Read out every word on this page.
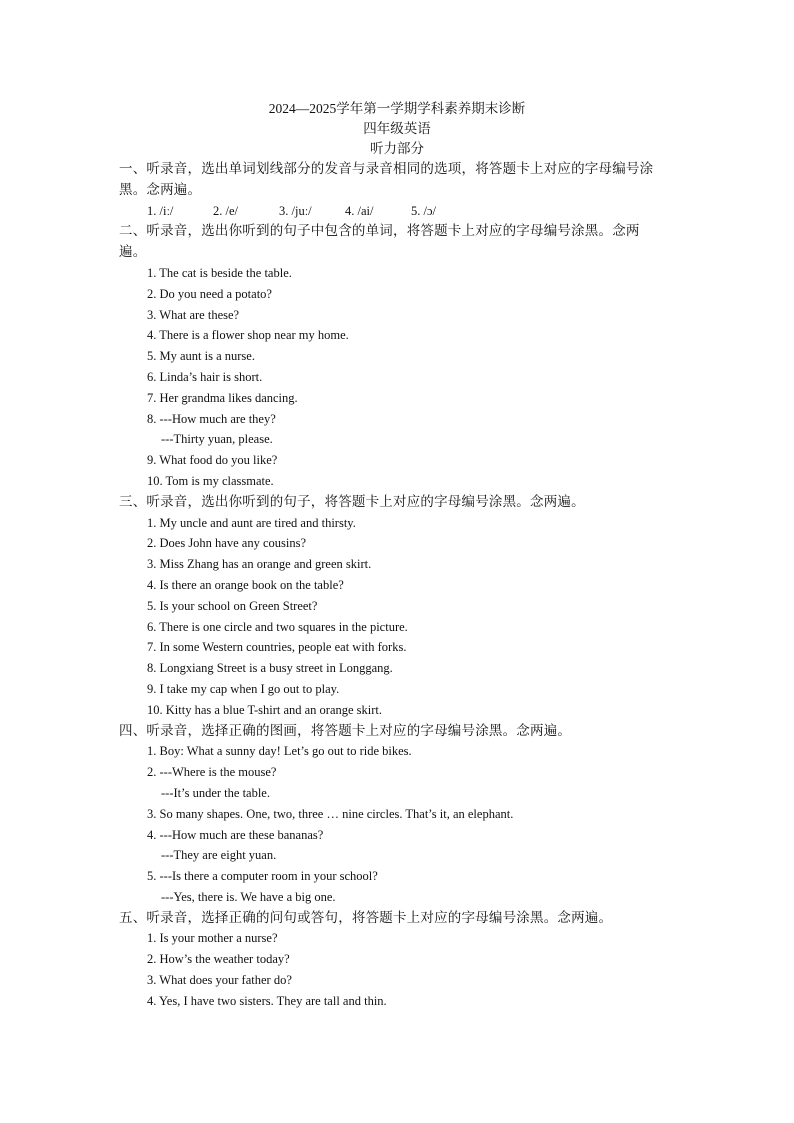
2024—2025学年第一学期学科素养期末诊断
四年级英语
听力部分
一、听录音，选出单词划线部分的发音与录音相同的选项，将答题卡上对应的字母编号涂
黑。念两遍。
1. /iː/	2. /e/	3. /juː/	4. /ai/	5. /ɔ/
二、听录音，选出你听到的句子中包含的单词，将答题卡上对应的字母编号涂黑。念两
遍。
1. The cat is beside the table.
2. Do you need a potato?
3. What are these?
4. There is a flower shop near my home.
5. My aunt is a nurse.
6. Linda’s hair is short.
7. Her grandma likes dancing.
8. ---How much are they?
---Thirty yuan, please.
9. What food do you like?
10. Tom is my classmate.
三、听录音，选出你听到的句子，将答题卡上对应的字母编号涂黑。念两遍。
1. My uncle and aunt are tired and thirsty.
2. Does John have any cousins?
3. Miss Zhang has an orange and green skirt.
4. Is there an orange book on the table?
5. Is your school on Green Street?
6. There is one circle and two squares in the picture.
7. In some Western countries, people eat with forks.
8. Longxiang Street is a busy street in Longgang.
9. I take my cap when I go out to play.
10. Kitty has a blue T-shirt and an orange skirt.
四、听录音，选择正确的图画，将答题卡上对应的字母编号涂黑。念两遍。
1. Boy: What a sunny day! Let’s go out to ride bikes.
2. ---Where is the mouse?
---It’s under the table.
3. So many shapes. One, two, three … nine circles. That’s it, an elephant.
4. ---How much are these bananas?
---They are eight yuan.
5. ---Is there a computer room in your school?
---Yes, there is. We have a big one.
五、听录音，选择正确的问句或答句，将答题卡上对应的字母编号涂黑。念两遍。
1. Is your mother a nurse?
2. How’s the weather today?
3. What does your father do?
4. Yes, I have two sisters. They are tall and thin.
